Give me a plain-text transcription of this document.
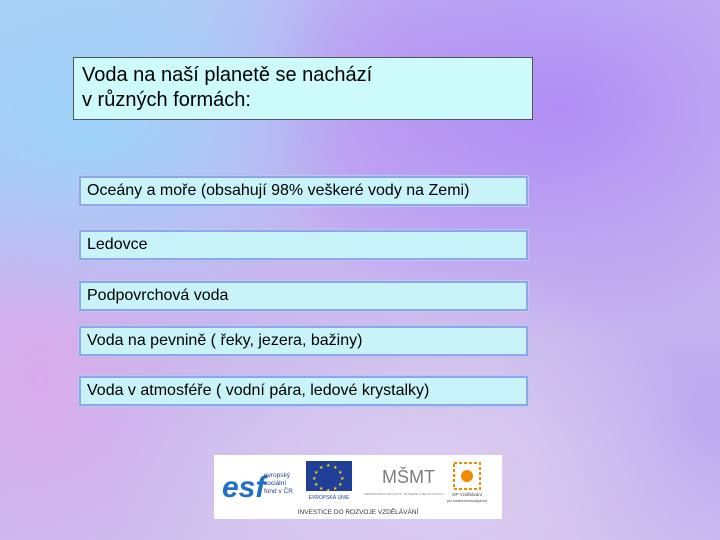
Voda na naší planetě se nachází
v různých formách:
Oceány a moře (obsahují 98% veškeré vody na Zemi)
Ledovce
Podpovrchová voda
Voda na pevnině ( řeky, jezera, bažiny)
Voda v atmosféře ( vodní pára, ledové krystalky)
esf
evropský
sociální
fond v ČR
★ ★
★
★
★
★
★
★
★
★
★
★
EVROPSKÁ UNIE
MŠMT
MINISTERSTVO ŠKOLSTVÍ, MLÁDEŽE A TĚLOVÝCHOVY OP Vzdělávání
pro konkurenceschopnost
INVESTICE DO ROZVOJE VZDĚLÁVÁNÍ
